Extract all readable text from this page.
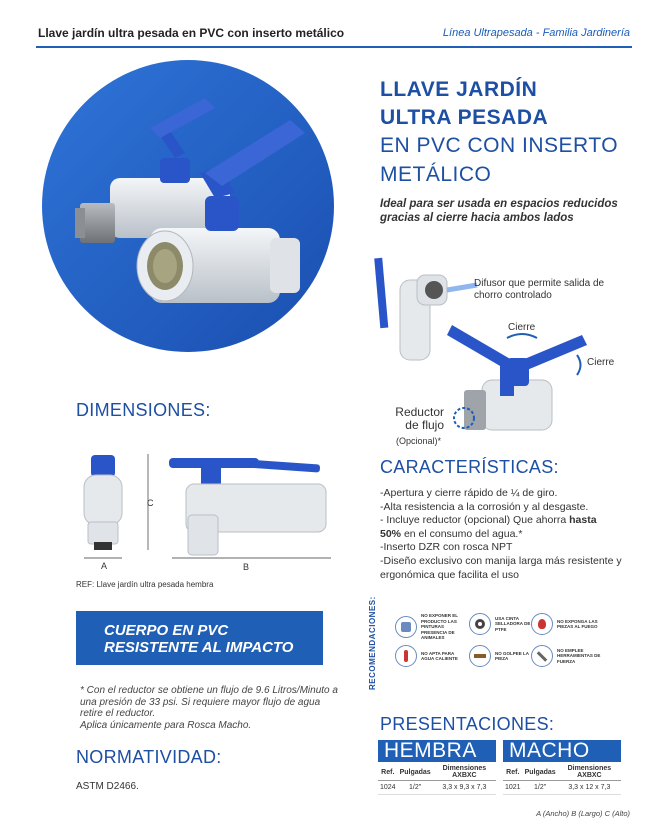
Llave jardín ultra pesada en PVC con inserto metálico	Línea Ultrapesada - Familia Jardinería
LLAVE JARDÍN
ULTRA PESADA
EN PVC CON INSERTO
METÁLICO
Ideal para ser usada en espacios reducidos gracias al cierre hacia ambos lados
Difusor que permite salida de chorro controlado
Cierre
Cierre
Reductor
de flujo
(Opcional)*
DIMENSIONES:
A	B
C
REF: Llave jardín ultra pesada hembra
CARACTERÍSTICAS:

-Apertura y cierre rápido de ¼ de giro.

-Alta resistencia a la corrosión y al desgaste.

- Incluye reductor (opcional) Que ahorra hasta
50% en el consumo del agua.*

-Inserto DZR con rosca NPT

-Diseño exclusivo con manija larga más resistente y ergonómica que facilita el uso

RECOMENDACIONES:	NO EXPONER EL PRODUCTO LAS PINTURAS PRESENCIA DE ANIMALES
USA CINTA SELLADORA DE PTFE
NO EXPONGA LAS PIEZAS AL FUEGO
NO APTA PARA AGUA CALIENTE
NO GOLPEE LA PIEZA
NO EMPLEE HERRAMIENTAS DE FUERZA
CUERPO EN PVC
RESISTENTE AL IMPACTO
* Con el reductor se obtiene un flujo de 9.6 Litros/Minuto a una presión de 33 psi. Si requiere mayor flujo de agua retire el reductor.
Aplica únicamente para Rosca Macho.
NORMATIVIDAD:
ASTM D2466.
PRESENTACIONES:
HEMBRA	MACHO
Ref.	Pulgadas	Dimensiones AXBXC
1024	1/2"	3,3 x 9,3 x 7,3
Ref.	Pulgadas	Dimensiones AXBXC
1021	1/2"	3,3 x 12 x 7,3
A (Ancho) B (Largo) C (Alto)
